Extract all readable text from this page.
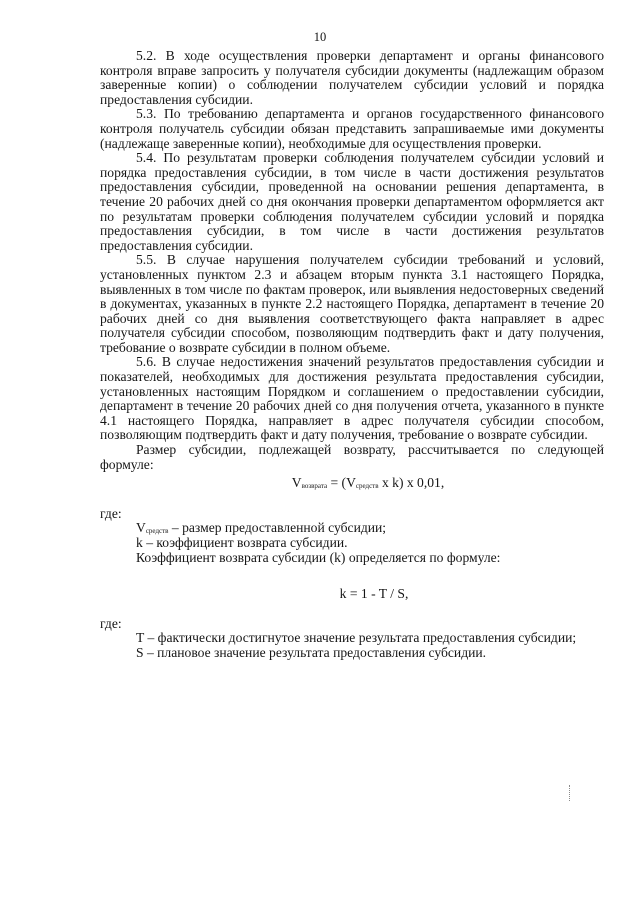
10

5.2. В ходе осуществления проверки департамент и органы финансового контроля вправе запросить у получателя субсидии документы (надлежащим образом заверенные копии) о соблюдении получателем субсидии условий и порядка предоставления субсидии.

5.3. По требованию департамента и органов государственного финансового контроля получатель субсидии обязан представить запрашиваемые ими документы (надлежаще заверенные копии), необходимые для осуществления проверки.

5.4. По результатам проверки соблюдения получателем субсидии условий и порядка предоставления субсидии, в том числе в части достижения результатов предоставления субсидии, проведенной на основании решения департамента, в течение 20 рабочих дней со дня окончания проверки департаментом оформляется акт по результатам проверки соблюдения получателем субсидии условий и порядка предоставления субсидии, в том числе в части достижения результатов предоставления субсидии.

5.5. В случае нарушения получателем субсидии требований и условий, установленных пунктом 2.3 и абзацем вторым пункта 3.1 настоящего Порядка, выявленных в том числе по фактам проверок, или выявления недостоверных сведений в документах, указанных в пункте 2.2 настоящего Порядка, департамент в течение 20 рабочих дней со дня выявления соответствующего факта направляет в адрес получателя субсидии способом, позволяющим подтвердить факт и дату получения, требование о возврате субсидии в полном объеме.

5.6. В случае недостижения значений результатов предоставления субсидии и показателей, необходимых для достижения результата предоставления субсидии, установленных настоящим Порядком и соглашением о предоставлении субсидии, департамент в течение 20 рабочих дней со дня получения отчета, указанного в пункте 4.1 настоящего Порядка, направляет в адрес получателя субсидии способом, позволяющим подтвердить факт и дату получения, требование о возврате субсидии.

Размер субсидии, подлежащей возврату, рассчитывается по следующей формуле:

$V_{возврата} = (V_{средств}$ x k) x 0,01,

где:

$V_{средств}$ – размер предоставленной субсидии;

k – коэффициент возврата субсидии.

Коэффициент возврата субсидии (k) определяется по формуле:

k = 1 - T / S,

где:

T – фактически достигнутое значение результата предоставления субсидии;

S – плановое значение результата предоставления субсидии.
